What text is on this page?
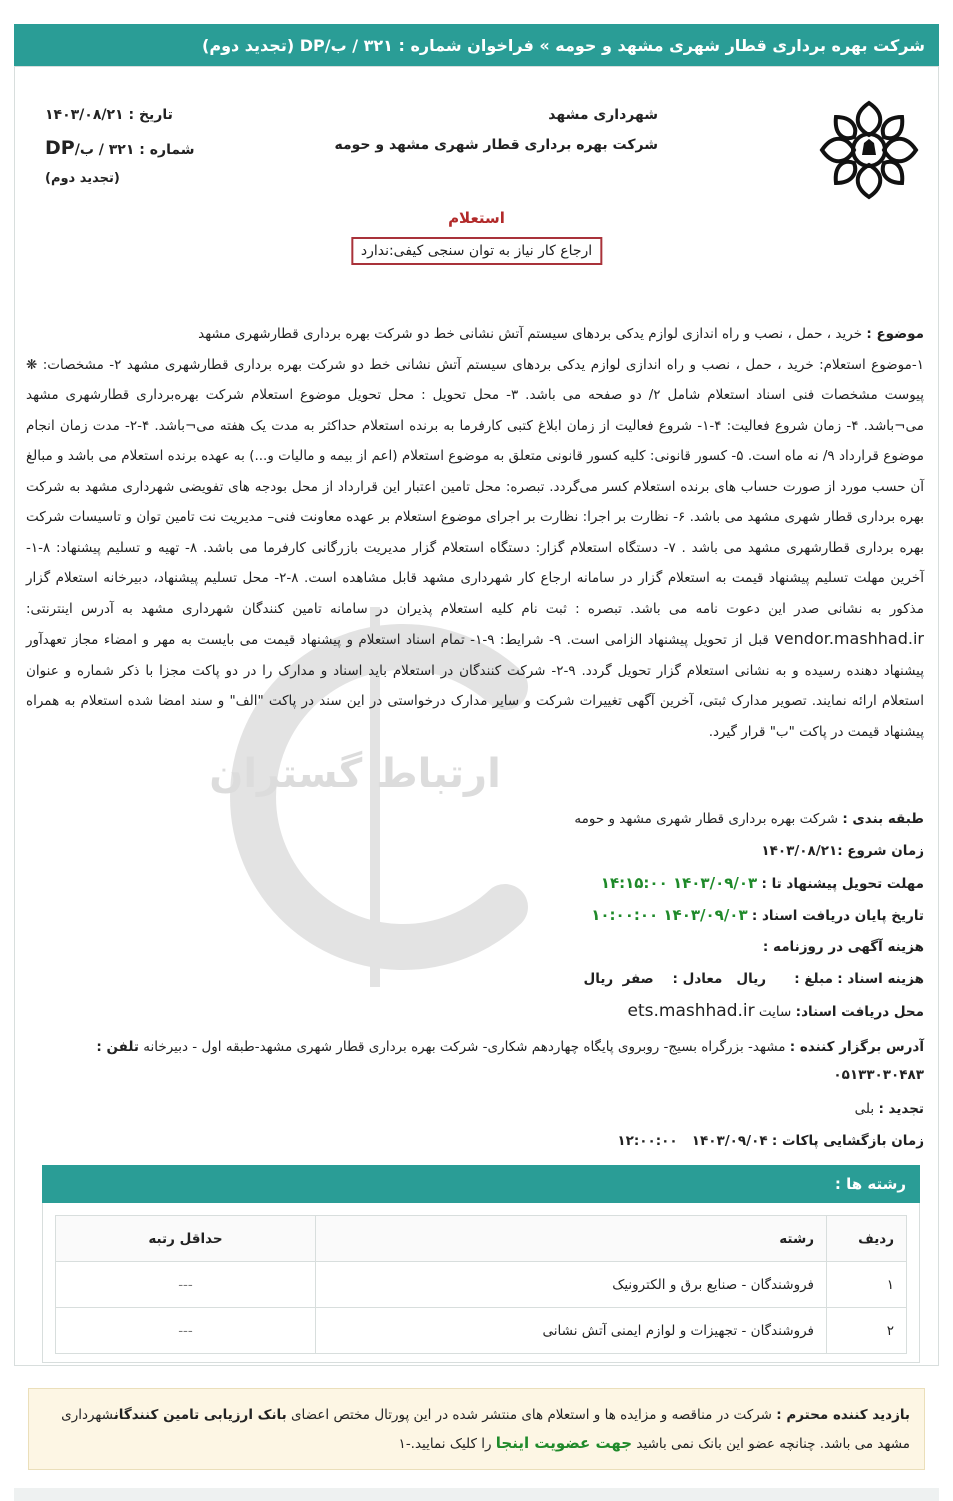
شرکت بهره برداری قطار شهری مشهد و حومه » فراخوان شماره : ۳۲۱ / ب/DP (تجدید دوم)
شهرداری مشهد
شرکت بهره برداری قطار شهری مشهد و حومه
تاریخ : ۱۴۰۳/۰۸/۲۱
شماره : ۳۲۱ / ب/DP
(تجدید دوم)
استعلام
ارجاع کار نیاز به توان سنجی کیفی:ندارد
ارتباط گستران
موضوع : خرید ، حمل ، نصب و راه اندازی لوازم یدکی بردهای سیستم آتش نشانی خط دو شرکت بهره برداری قطارشهری مشهد
۱-موضوع استعلام: خرید ، حمل ، نصب و راه اندازی لوازم یدکی بردهای سیستم آتش نشانی خط دو شرکت بهره برداری قطارشهری مشهد ۲- مشخصات: ❋ پیوست مشخصات فنی اسناد استعلام شامل ۲/ دو صفحه می باشد. ۳- محل تحویل : محل تحویل موضوع استعلام شرکت بهره‌برداری قطارشهری مشهد می¬باشد. ۴- زمان شروع فعالیت: ۴-۱- شروع فعالیت از زمان ابلاغ کتبی کارفرما به برنده استعلام حداکثر به مدت یک هفته می¬باشد. ۴-۲- مدت زمان انجام موضوع قرارداد ۹/ نه ماه است. ۵- کسور قانونی: کلیه کسور قانونی متعلق به موضوع استعلام (اعم از بیمه و مالیات و...) به عهده برنده استعلام می باشد و مبالغ آن حسب مورد از صورت حساب های برنده استعلام کسر می‌گردد. تبصره: محل تامین اعتبار این قرارداد از محل بودجه های تفویضی شهرداری مشهد به شرکت بهره برداری قطار شهری مشهد می باشد. ۶- نظارت بر اجرا: نظارت بر اجرای موضوع استعلام بر عهده معاونت فنی– مدیریت نت تامین توان و تاسیسات شرکت بهره برداری قطارشهری مشهد می باشد . ۷- دستگاه استعلام گزار: دستگاه استعلام گزار مدیریت بازرگانی کارفرما می باشد. ۸- تهیه و تسلیم پیشنهاد: ۸-۱- آخرین مهلت تسلیم پیشنهاد قیمت به استعلام گزار در سامانه ارجاع کار شهرداری مشهد قابل مشاهده است. ۸-۲- محل تسلیم پیشنهاد، دبیرخانه استعلام گزار مذکور به نشانی صدر این دعوت نامه می باشد. تبصره : ثبت نام کلیه استعلام پذیران در سامانه تامین کنندگان شهرداری مشهد به آدرس اینترنتی: vendor.mashhad.ir قبل از تحویل پیشنهاد الزامی است. ۹- شرایط: ۹-۱- تمام اسناد استعلام و پیشنهاد قیمت می بایست به مهر و امضاء مجاز تعهدآور پیشنهاد دهنده رسیده و به نشانی استعلام گزار تحویل گردد. ۹-۲- شرکت کنندگان در استعلام باید اسناد و مدارک را در دو پاکت مجزا با ذکر شماره و عنوان استعلام ارائه نمایند. تصویر مدارک ثبتی، آخرین آگهی تغییرات شرکت و سایر مدارک درخواستی در این سند در پاکت "الف" و سند امضا شده استعلام به همراه پیشنهاد قیمت در پاکت "ب" قرار گیرد.
طبقه بندی : شرکت بهره برداری قطار شهری مشهد و حومه
زمان شروع :۱۴۰۳/۰۸/۲۱
مهلت تحویل پیشنهاد تا : ۱۴۰۳/۰۹/۰۳ ۱۴:۱۵:۰۰
تاریخ پایان دریافت اسناد : ۱۴۰۳/۰۹/۰۳ ۱۰:۰۰:۰۰
هزینه آگهی در روزنامه :
هزینه اسناد : مبلغ :      ریال   معادل :    صفر  ریال
محل دریافت اسناد: سایت ets.mashhad.ir
آدرس برگزار کننده : مشهد- بزرگراه بسیج- روبروی پایگاه چهاردهم شکاری- شرکت بهره برداری قطار شهری مشهد-طبقه اول - دبیرخانه تلفن : ۰۵۱۳۳۰۳۰۴۸۳
تجدید : بلی
زمان بازگشایی پاکات : ۱۴۰۳/۰۹/۰۴   ۱۲:۰۰:۰۰
رشته ها :
ردیف	رشته	حداقل رتبه
۱	فروشندگان - صنایع برق و الکترونیک	---
۲	فروشندگان - تجهیزات و لوازم ایمنی آتش نشانی	---
بازدید کننده محترم : شرکت در مناقصه و مزایده ها و استعلام های منتشر شده در این پورتال مختص اعضای بانک ارزیابی تامین کنندگانشهرداری مشهد می باشد. چنانچه عضو این بانک نمی باشید جهت عضویت اینجا را کلیک نمایید.-۱
